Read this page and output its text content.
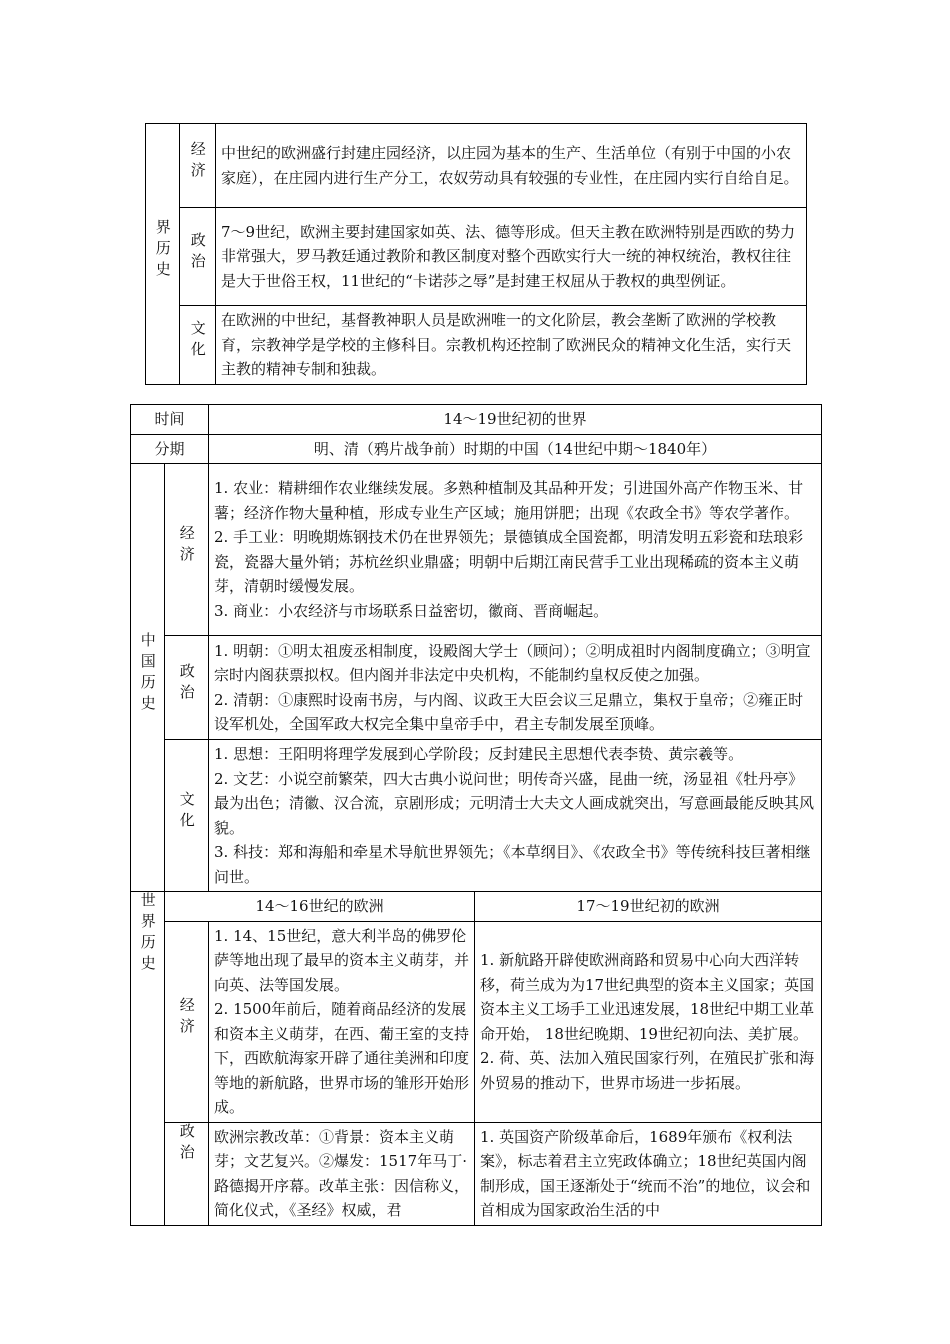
界历史	经济	中世纪的欧洲盛行封建庄园经济，以庄园为基本的生产、生活单位（有别于中国的小农家庭），在庄园内进行生产分工，农奴劳动具有较强的专业性，在庄园内实行自给自足。
	政治	7～9世纪，欧洲主要封建国家如英、法、德等形成。但天主教在欧洲特别是西欧的势力非常强大，罗马教廷通过教阶和教区制度对整个西欧实行大一统的神权统治，教权往往是大于世俗王权，11世纪的“卡诺莎之辱”是封建王权屈从于教权的典型例证。
	文化	在欧洲的中世纪，基督教神职人员是欧洲唯一的文化阶层，教会垄断了欧洲的学校教育，宗教神学是学校的主修科目。宗教机构还控制了欧洲民众的精神文化生活，实行天主教的精神专制和独裁。
时间		14～19世纪初的世界	
分期		明、清（鸦片战争前）时期的中国（14世纪中期～1840年）	
中国历史	经济	1. 农业：精耕细作农业继续发展。多熟种植制及其品种开发；引进国外高产作物玉米、甘薯；经济作物大量种植，形成专业生产区域；施用饼肥；出现《农政全书》等农学著作。
2. 手工业：明晚期炼钢技术仍在世界领先；景德镇成全国瓷都，明清发明五彩瓷和珐琅彩瓷，瓷器大量外销；苏杭丝织业鼎盛；明朝中后期江南民营手工业出现稀疏的资本主义萌芽，清朝时缓慢发展。
3. 商业：小农经济与市场联系日益密切，徽商、晋商崛起。	
	政治	1. 明朝：①明太祖废丞相制度，设殿阁大学士（顾问）；②明成祖时内阁制度确立；③明宣宗时内阁获票拟权。但内阁并非法定中央机构，不能制约皇权反使之加强。
2. 清朝：①康熙时设南书房，与内阁、议政王大臣会议三足鼎立，集权于皇帝；②雍正时设军机处，全国军政大权完全集中皇帝手中，君主专制发展至顶峰。	
	文化	1. 思想：王阳明将理学发展到心学阶段；反封建民主思想代表李贽、黄宗羲等。
2. 文艺：小说空前繁荣，四大古典小说问世；明传奇兴盛，昆曲一统，汤显祖《牡丹亭》最为出色；清徽、汉合流，京剧形成；元明清士大夫文人画成就突出，写意画最能反映其风貌。
3. 科技：郑和海船和牵星术导航世界领先；《本草纲目》、《农政全书》等传统科技巨著相继问世。	
世界历史	14～16世纪的欧洲		17～19世纪初的欧洲
	经济	1. 14、15世纪，意大利半岛的佛罗伦萨等地出现了最早的资本主义萌芽，并向英、法等国发展。
2. 1500年前后，随着商品经济的发展和资本主义萌芽，在西、葡王室的支持下，西欧航海家开辟了通往美洲和印度等地的新航路，世界市场的雏形开始形成。	1. 新航路开辟使欧洲商路和贸易中心向大西洋转移，荷兰成为为17世纪典型的资本主义国家；英国资本主义工场手工业迅速发展，18世纪中期工业革命开始， 18世纪晚期、19世纪初向法、美扩展。
2. 荷、英、法加入殖民国家行列，在殖民扩张和海外贸易的推动下，世界市场进一步拓展。
	政治	欧洲宗教改革：①背景：资本主义萌芽；文艺复兴。②爆发：1517年马丁·路德揭开序幕。改革主张：因信称义，简化仪式，《圣经》权威，君	1. 英国资产阶级革命后，1689年颁布《权利法案》，标志着君主立宪政体确立；18世纪英国内阁制形成，国王逐渐处于“统而不治”的地位，议会和首相成为国家政治生活的中
